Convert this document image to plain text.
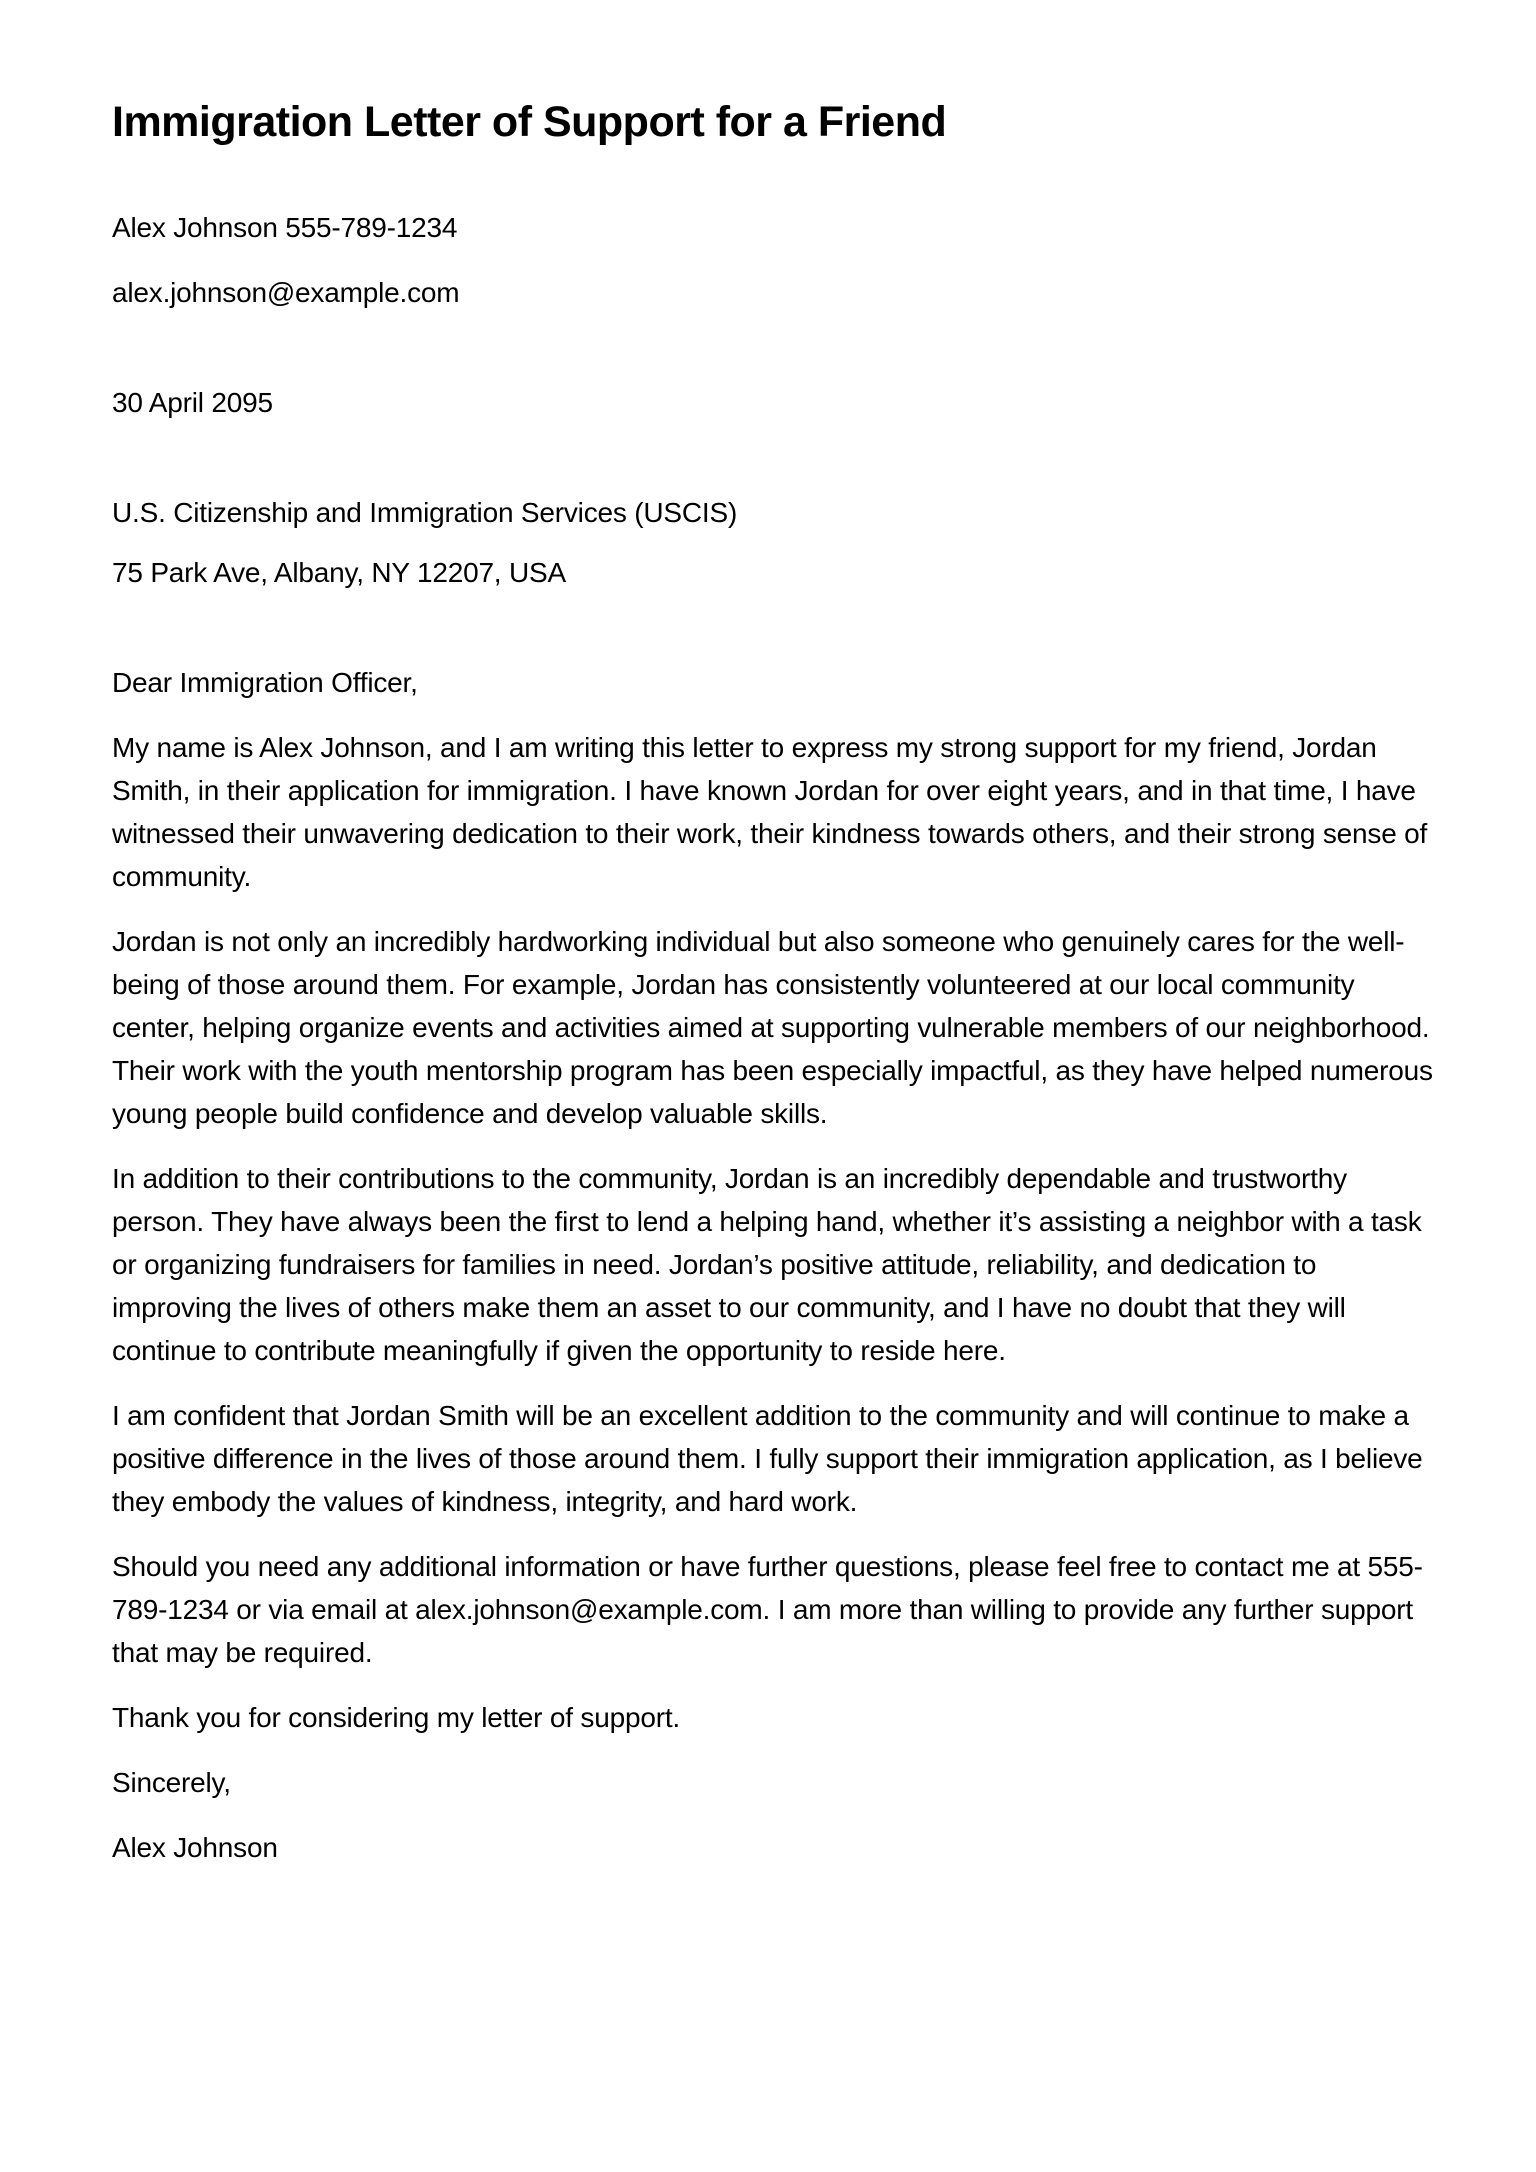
Immigration Letter of Support for a Friend

Alex Johnson 555-789-1234

alex.johnson@example.com

30 April 2095

U.S. Citizenship and Immigration Services (USCIS)

75 Park Ave, Albany, NY 12207, USA

Dear Immigration Officer,

My name is Alex Johnson, and I am writing this letter to express my strong support for my friend, Jordan Smith, in their application for immigration. I have known Jordan for over eight years, and in that time, I have witnessed their unwavering dedication to their work, their kindness towards others, and their strong sense of community.

Jordan is not only an incredibly hardworking individual but also someone who genuinely cares for the well-being of those around them. For example, Jordan has consistently volunteered at our local community center, helping organize events and activities aimed at supporting vulnerable members of our neighborhood. Their work with the youth mentorship program has been especially impactful, as they have helped numerous young people build confidence and develop valuable skills.

In addition to their contributions to the community, Jordan is an incredibly dependable and trustworthy person. They have always been the first to lend a helping hand, whether it’s assisting a neighbor with a task or organizing fundraisers for families in need. Jordan’s positive attitude, reliability, and dedication to improving the lives of others make them an asset to our community, and I have no doubt that they will continue to contribute meaningfully if given the opportunity to reside here.

I am confident that Jordan Smith will be an excellent addition to the community and will continue to make a positive difference in the lives of those around them. I fully support their immigration application, as I believe they embody the values of kindness, integrity, and hard work.

Should you need any additional information or have further questions, please feel free to contact me at 555-789-1234 or via email at alex.johnson@example.com. I am more than willing to provide any further support that may be required.

Thank you for considering my letter of support.

Sincerely,

Alex Johnson
